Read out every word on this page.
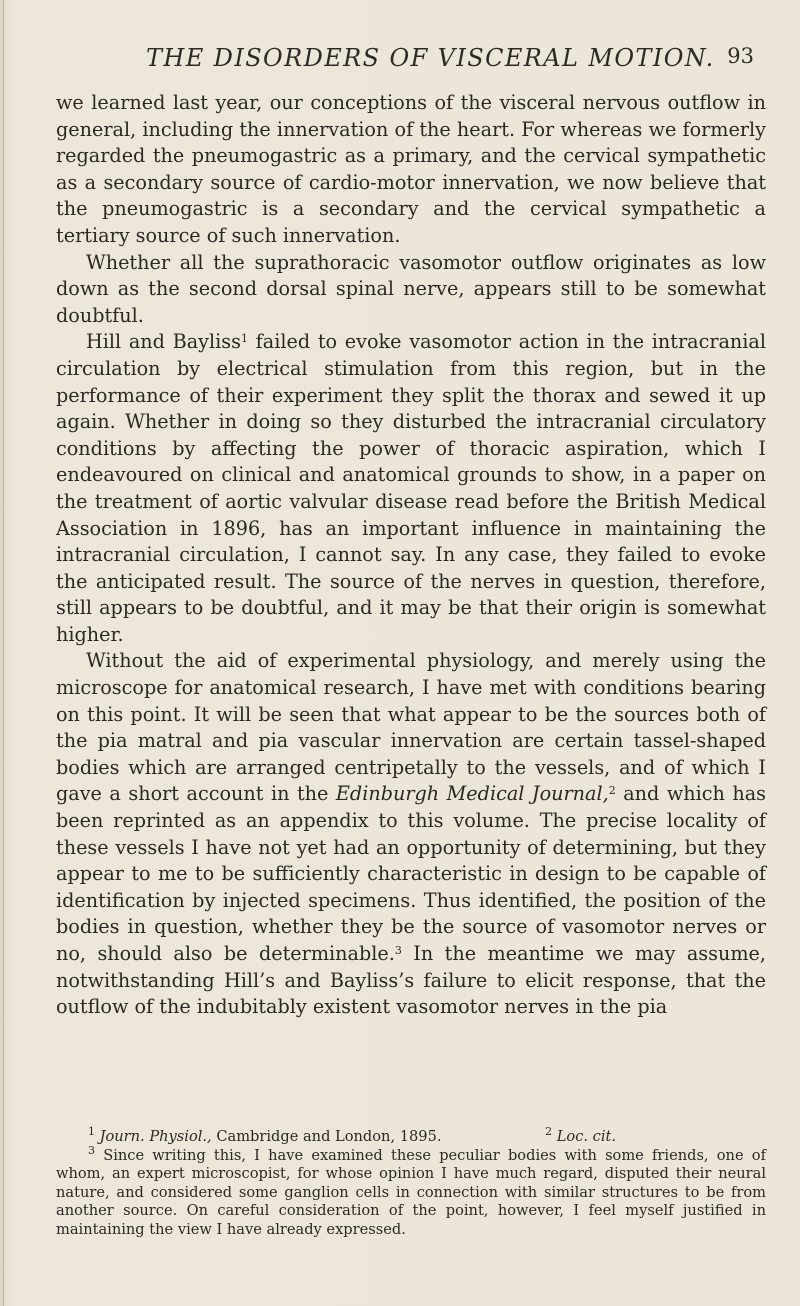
THE DISORDERS OF VISCERAL MOTION. 93

we learned last year, our conceptions of the visceral nervous outflow in general, including the innervation of the heart. For whereas we formerly regarded the pneumogastric as a primary, and the cervical sympathetic as a secondary source of cardio-motor innervation, we now believe that the pneumogastric is a secondary and the cervical sympathetic a tertiary source of such innervation.

Whether all the suprathoracic vasomotor outflow originates as low down as the second dorsal spinal nerve, appears still to be somewhat doubtful.

Hill and Bayliss$^1$ failed to evoke vasomotor action in the intracranial circulation by electrical stimulation from this region, but in the performance of their experiment they split the thorax and sewed it up again. Whether in doing so they disturbed the intracranial circulatory conditions by affecting the power of thoracic aspiration, which I endeavoured on clinical and anatomical grounds to show, in a paper on the treatment of aortic valvular disease read before the British Medical Association in 1896, has an important influence in maintaining the intracranial circulation, I cannot say. In any case, they failed to evoke the anticipated result. The source of the nerves in question, therefore, still appears to be doubtful, and it may be that their origin is somewhat higher.

Without the aid of experimental physiology, and merely using the microscope for anatomical research, I have met with conditions bearing on this point. It will be seen that what appear to be the sources both of the pia matral and pia vascular innervation are certain tassel-shaped bodies which are arranged centripetally to the vessels, and of which I gave a short account in the Edinburgh Medical Journal,$^2$ and which has been reprinted as an appendix to this volume. The precise locality of these vessels I have not yet had an opportunity of determining, but they appear to me to be sufficiently characteristic in design to be capable of identification by injected specimens. Thus identified, the position of the bodies in question, whether they be the source of vasomotor nerves or no, should also be determinable.$^3$ In the meantime we may assume, notwithstanding Hill’s and Bayliss’s failure to elicit response, that the outflow of the indubitably existent vasomotor nerves in the pia

$^1$ Journ. Physiol., Cambridge and London, 1895.	$^2$ Loc. cit.

$^3$ Since writing this, I have examined these peculiar bodies with some friends, one of whom, an expert microscopist, for whose opinion I have much regard, disputed their neural nature, and considered some ganglion cells in connection with similar structures to be from another source. On careful consideration of the point, however, I feel myself justified in maintaining the view I have already expressed.
